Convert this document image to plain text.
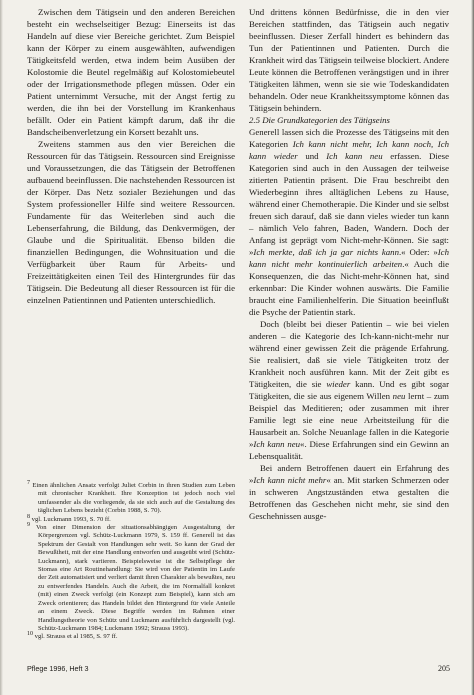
Zwischen dem Tätigsein und den anderen Bereichen besteht ein wechselseitiger Bezug: Einerseits ist das Handeln auf diese vier Bereiche gerichtet. Zum Beispiel kann der Körper zu einem ausgewählten, aufwendigen Tätigkeitsfeld werden, etwa indem beim Ausüben der Kolostomie die Beutel regelmäßig auf Kolostomiebeutel oder der Irrigationsmethode pflegen müssen. Oder ein Patient unternimmt Versuche, mit der Angst fertig zu werden, die ihn bei der Vorstellung im Krankenhaus befällt. Oder ein Patient kämpft darum, daß ihr die Bandscheibenverletzung ein Korsett bezahlt uns.

Zweitens stammen aus den vier Bereichen die Ressourcen für das Tätigsein. Ressourcen sind Ereignisse und Voraussetzungen, die das Tätigsein der Betroffenen aufbauend beeinflussen. Die nachstehenden Ressourcen ist der Körper. Das Netz sozialer Beziehungen und das System professioneller Hilfe sind weitere Ressourcen. Fundamente für das Weiterleben sind auch die Lebenserfahrung, die Bildung, das Denkvermögen, der Glaube und die Spiritualität. Ebenso bilden die finanziellen Bedingungen, die Wohnsituation und die Verfügbarkeit über Raum für Arbeits- und Freizeittätigkeiten einen Teil des Hintergrundes für das Tätigsein. Die Bedeutung all dieser Ressourcen ist für die einzelnen Patientinnen und Patienten unterschiedlich.

7 Einen ähnlichen Ansatz verfolgt Juliet Corbin in ihren Studien zum Leben mit chronischer Krankheit. Ihre Konzeption ist jedoch noch viel umfassender als die vorliegende, da sie sich auch auf die Gestaltung des täglichen Lebens bezieht (Corbin 1988, S. 70).

8 vgl. Luckmann 1993, S. 70 ff.

9 Von einer Dimension der situationsabhängigen Ausgestaltung der Körpergrenzen vgl. Schütz-Luckmann 1979, S. 159 ff. Generell ist das Spektrum der Gestalt von Handlungen sehr weit. So kann der Grad der Bewußtheit, mit der eine Handlung entworfen und ausgeübt wird (Schütz-Luckmann), stark variieren. Beispielsweise ist die Selbstpflege der Stomas eine Art Routinehandlung: Sie wird von der Patientin im Laufe der Zeit automatisiert und verliert damit ihren Charakter als bewußtes, neu zu entwerfendes Handeln. Auch die Arbeit, die im Normalfall konkret (mit) einen Zweck verfolgt (ein Konzept zum Beispiel), kann sich am Zweck orientieren; das Handeln bildet den Hintergrund für viele Anteile an einem Zweck. Diese Begriffe werden im Rahmen einer Handlungstheorie von Schütz und Luckmann ausführlich dargestellt (vgl. Schütz-Luckmann 1984; Luckmann 1992; Strauss 1993).

10 vgl. Strauss et al 1985, S. 97 ff.

Und drittens können Bedürfnisse, die in den vier Bereichen stattfinden, das Tätigsein auch negativ beeinflussen. Dieser Zerfall hindert es behindern das Tun der Patientinnen und Patienten. Durch die Krankheit wird das Tätigsein teilweise blockiert. Andere Leute können die Betroffenen verängstigen und in ihrer Tätigkeiten lähmen, wenn sie sie wie Todeskandidaten behandeln. Oder neue Krankheitssymptome können das Tätigsein behindern.

2.5 Die Grundkategorien des Tätigseins

Generell lassen sich die Prozesse des Tätigseins mit den Kategorien Ich kann nicht mehr, Ich kann noch, Ich kann wieder und Ich kann neu erfassen. Diese Kategorien sind auch in den Aussagen der teilweise zitierten Patientin präsent. Die Frau beschreibt den Wiederbeginn ihres alltäglichen Lebens zu Hause, während einer Chemotherapie. Die Kinder und sie selbst freuen sich darauf, daß sie dann vieles wieder tun kann – nämlich Velo fahren, Baden, Wandern. Doch der Anfang ist geprägt vom Nicht-mehr-Können. Sie sagt: »Ich merkte, daß ich ja gar nichts kann.« Oder: »Ich kann nicht mehr kontinuierlich arbeiten.« Auch die Konsequenzen, die das Nicht-mehr-Können hat, sind erkennbar: Die Kinder wohnen auswärts. Die Familie braucht eine Familienhelferin. Die Situation beeinflußt die Psyche der Patientin stark.

Doch (bleibt bei dieser Patientin – wie bei vielen anderen – die Kategorie des Ich-kann-nicht-mehr nur während einer gewissen Zeit die prägende Erfahrung. Sie realisiert, daß sie viele Tätigkeiten trotz der Krankheit noch ausführen kann. Mit der Zeit gibt es Tätigkeiten, die sie wieder kann. Und es gibt sogar Tätigkeiten, die sie aus eigenem Willen neu lernt – zum Beispiel das Meditieren; oder zusammen mit ihrer Familie legt sie eine neue Arbeitsteilung für die Hausarbeit an. Solche Neuanlage fallen in die Kategorie »Ich kann neu«. Diese Erfahrungen sind ein Gewinn an Lebensqualität.

Bei andern Betroffenen dauert ein Erfahrung des »Ich kann nicht mehr« an. Mit starken Schmerzen oder in schweren Angstzuständen etwa gestalten die Betroffenen das Geschehen nicht mehr, sie sind den Geschehnissen ausge-

Pflege 1996, Heft 3	205
